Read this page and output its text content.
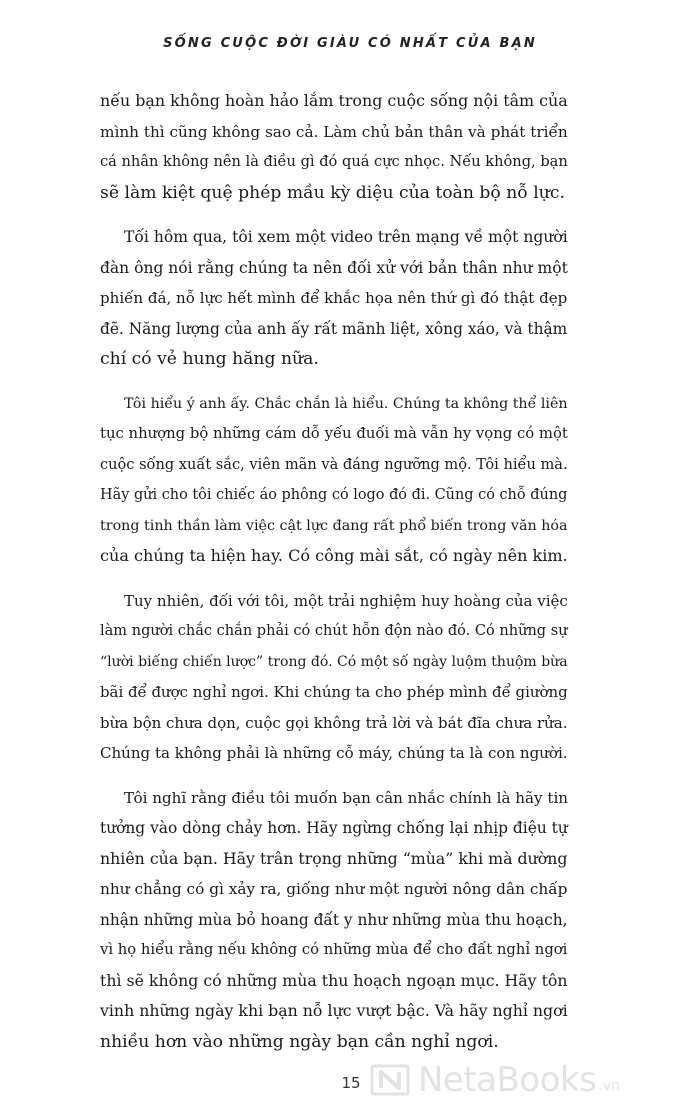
SỐNG CUỘC ĐỜI GIÀU CÓ NHẤT CỦA BẠN

nếu bạn không hoàn hảo lắm trong cuộc sống nội tâm của
mình thì cũng không sao cả. Làm chủ bản thân và phát triển
cá nhân không nên là điều gì đó quá cực nhọc. Nếu không, bạn
sẽ làm kiệt quệ phép mầu kỳ diệu của toàn bộ nỗ lực.

Tối hôm qua, tôi xem một video trên mạng về một người
đàn ông nói rằng chúng ta nên đối xử với bản thân như một
phiến đá, nỗ lực hết mình để khắc họa nên thứ gì đó thật đẹp
đẽ. Năng lượng của anh ấy rất mãnh liệt, xông xáo, và thậm
chí có vẻ hung hăng nữa.

Tôi hiểu ý anh ấy. Chắc chắn là hiểu. Chúng ta không thể liên
tục nhượng bộ những cám dỗ yếu đuối mà vẫn hy vọng có một
cuộc sống xuất sắc, viên mãn và đáng ngưỡng mộ. Tôi hiểu mà.
Hãy gửi cho tôi chiếc áo phông có logo đó đi. Cũng có chỗ đúng
trong tinh thần làm việc cật lực đang rất phổ biến trong văn hóa
của chúng ta hiện hay. Có công mài sắt, có ngày nên kim.

Tuy nhiên, đối với tôi, một trải nghiệm huy hoàng của việc
làm người chắc chắn phải có chút hỗn độn nào đó. Có những sự
“lười biếng chiến lược” trong đó. Có một số ngày luộm thuộm bừa
bãi để được nghỉ ngơi. Khi chúng ta cho phép mình để giường
bừa bộn chưa dọn, cuộc gọi không trả lời và bát đĩa chưa rửa.
Chúng ta không phải là những cỗ máy, chúng ta là con người.

Tôi nghĩ rằng điều tôi muốn bạn cân nhắc chính là hãy tin
tưởng vào dòng chảy hơn. Hãy ngừng chống lại nhịp điệu tự
nhiên của bạn. Hãy trân trọng những “mùa” khi mà dường
như chẳng có gì xảy ra, giống như một người nông dân chấp
nhận những mùa bỏ hoang đất y như những mùa thu hoạch,
vì họ hiểu rằng nếu không có những mùa để cho đất nghỉ ngơi
thì sẽ không có những mùa thu hoạch ngoạn mục. Hãy tôn
vinh những ngày khi bạn nỗ lực vượt bậc. Và hãy nghỉ ngơi
nhiều hơn vào những ngày bạn cần nghỉ ngơi.

15 NetaBooks .vn
